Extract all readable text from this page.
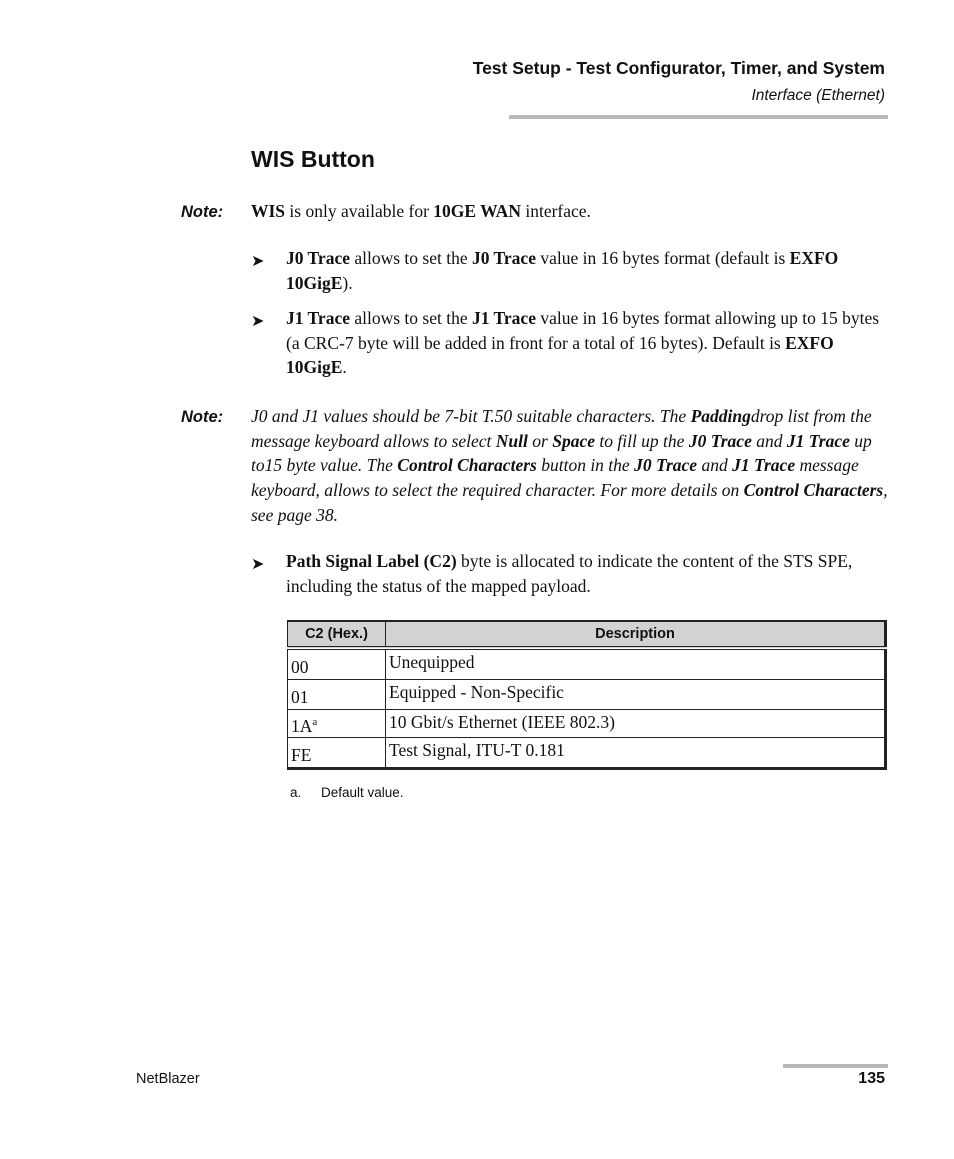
Test Setup - Test Configurator, Timer, and System
Interface (Ethernet)
WIS Button
Note: WIS is only available for 10GE WAN interface.
➤ J0 Trace allows to set the J0 Trace value in 16 bytes format (default is EXFO 10GigE).
➤ J1 Trace allows to set the J1 Trace value in 16 bytes format allowing up to 15 bytes (a CRC-7 byte will be added in front for a total of 16 bytes). Default is EXFO 10GigE.
Note: J0 and J1 values should be 7-bit T.50 suitable characters. The Paddingdrop list from the message keyboard allows to select Null or Space to fill up the J0 Trace and J1 Trace up to15 byte value. The Control Characters button in the J0 Trace and J1 Trace message keyboard, allows to select the required character. For more details on Control Characters, see page 38.
➤ Path Signal Label (C2) byte is allocated to indicate the content of the STS SPE, including the status of the mapped payload.
C2 (Hex.)	Description
00	Unequipped
01	Equipped - Non-Specific
$1A^a$	10 Gbit/s Ethernet (IEEE 802.3)
FE	Test Signal, ITU-T 0.181
a. Default value.
NetBlazer	135
